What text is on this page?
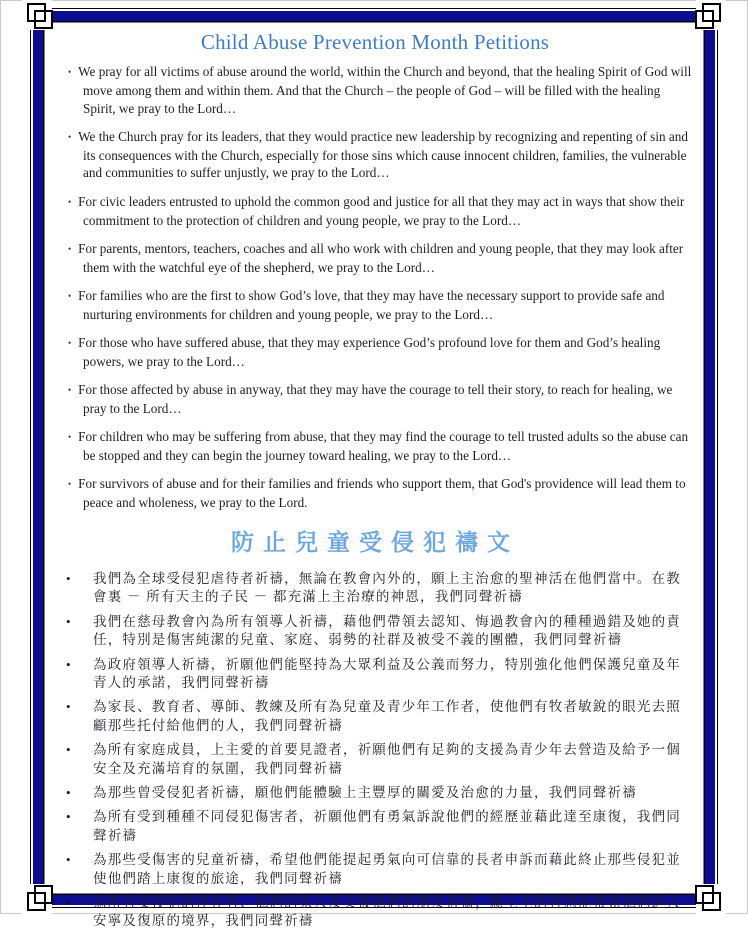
Child Abuse Prevention Month Petitions
• We pray for all victims of abuse around the world, within the Church and beyond, that the healing Spirit of God will move among them and within them. And that the Church – the people of God – will be filled with the healing Spirit, we pray to the Lord…
• We the Church pray for its leaders, that they would practice new leadership by recognizing and repenting of sin and its consequences with the Church, especially for those sins which cause innocent children, families, the vulnerable and communities to suffer unjustly, we pray to the Lord…
• For civic leaders entrusted to uphold the common good and justice for all that they may act in ways that show their commitment to the protection of children and young people, we pray to the Lord…
• For parents, mentors, teachers, coaches and all who work with children and young people, that they may look after them with the watchful eye of the shepherd, we pray to the Lord…
• For families who are the first to show God’s love, that they may have the necessary support to provide safe and nurturing environments for children and young people, we pray to the Lord…
• For those who have suffered abuse, that they may experience God’s profound love for them and God’s healing powers, we pray to the Lord…
• For those affected by abuse in anyway, that they may have the courage to tell their story, to reach for healing, we pray to the Lord…
• For children who may be suffering from abuse, that they may find the courage to tell trusted adults so the abuse can be stopped and they can begin the journey toward healing, we pray to the Lord…
• For survivors of abuse and for their families and friends who support them, that God's providence will lead them to peace and wholeness, we pray to the Lord.
防止兒童受侵犯禱文
• 我們為全球受侵犯虐待者祈禱，無論在教會內外的，願上主治愈的聖神活在他們當中。在教會裏 － 所有天主的子民 － 都充滿上主治療的神恩，我們同聲祈禱
• 我們在慈母教會內為所有領導人祈禱，藉他們帶領去認知、悔過教會內的種種過錯及她的責任，特別是傷害純潔的兒童、家庭、弱勢的社群及被受不義的團體，我們同聲祈禱
• 為政府領導人祈禱，祈願他們能堅持為大眾利益及公義而努力，特別強化他們保護兒童及年青人的承諾，我們同聲祈禱
• 為家長、教育者、導師、教練及所有為兒童及青少年工作者，使他們有牧者敏銳的眼光去照顧那些托付給他們的人，我們同聲祈禱
• 為所有家庭成員，上主愛的首要見證者，祈願他們有足夠的支援為青少年去營造及給予一個安全及充滿培育的氛圍，我們同聲祈禱
• 為那些曾受侵犯者祈禱，願他們能體驗上主豐厚的關愛及治愈的力量，我們同聲祈禱
• 為所有受到種種不同侵犯傷害者，祈願他們有勇氣訴說他們的經歷並藉此達至康復，我們同聲祈禱
• 為那些受傷害的兒童祈禱，希望他們能提起勇氣向可信靠的長者申訴而藉此終止那些侵犯並使他們踏上康復的旅途，我們同聲祈禱
• 為所有受侵犯的倖存者、他們的家人及支援他們的朋友祈禱，願上主的智慧能帶領他們進入安寧及復原的境界，我們同聲祈禱
